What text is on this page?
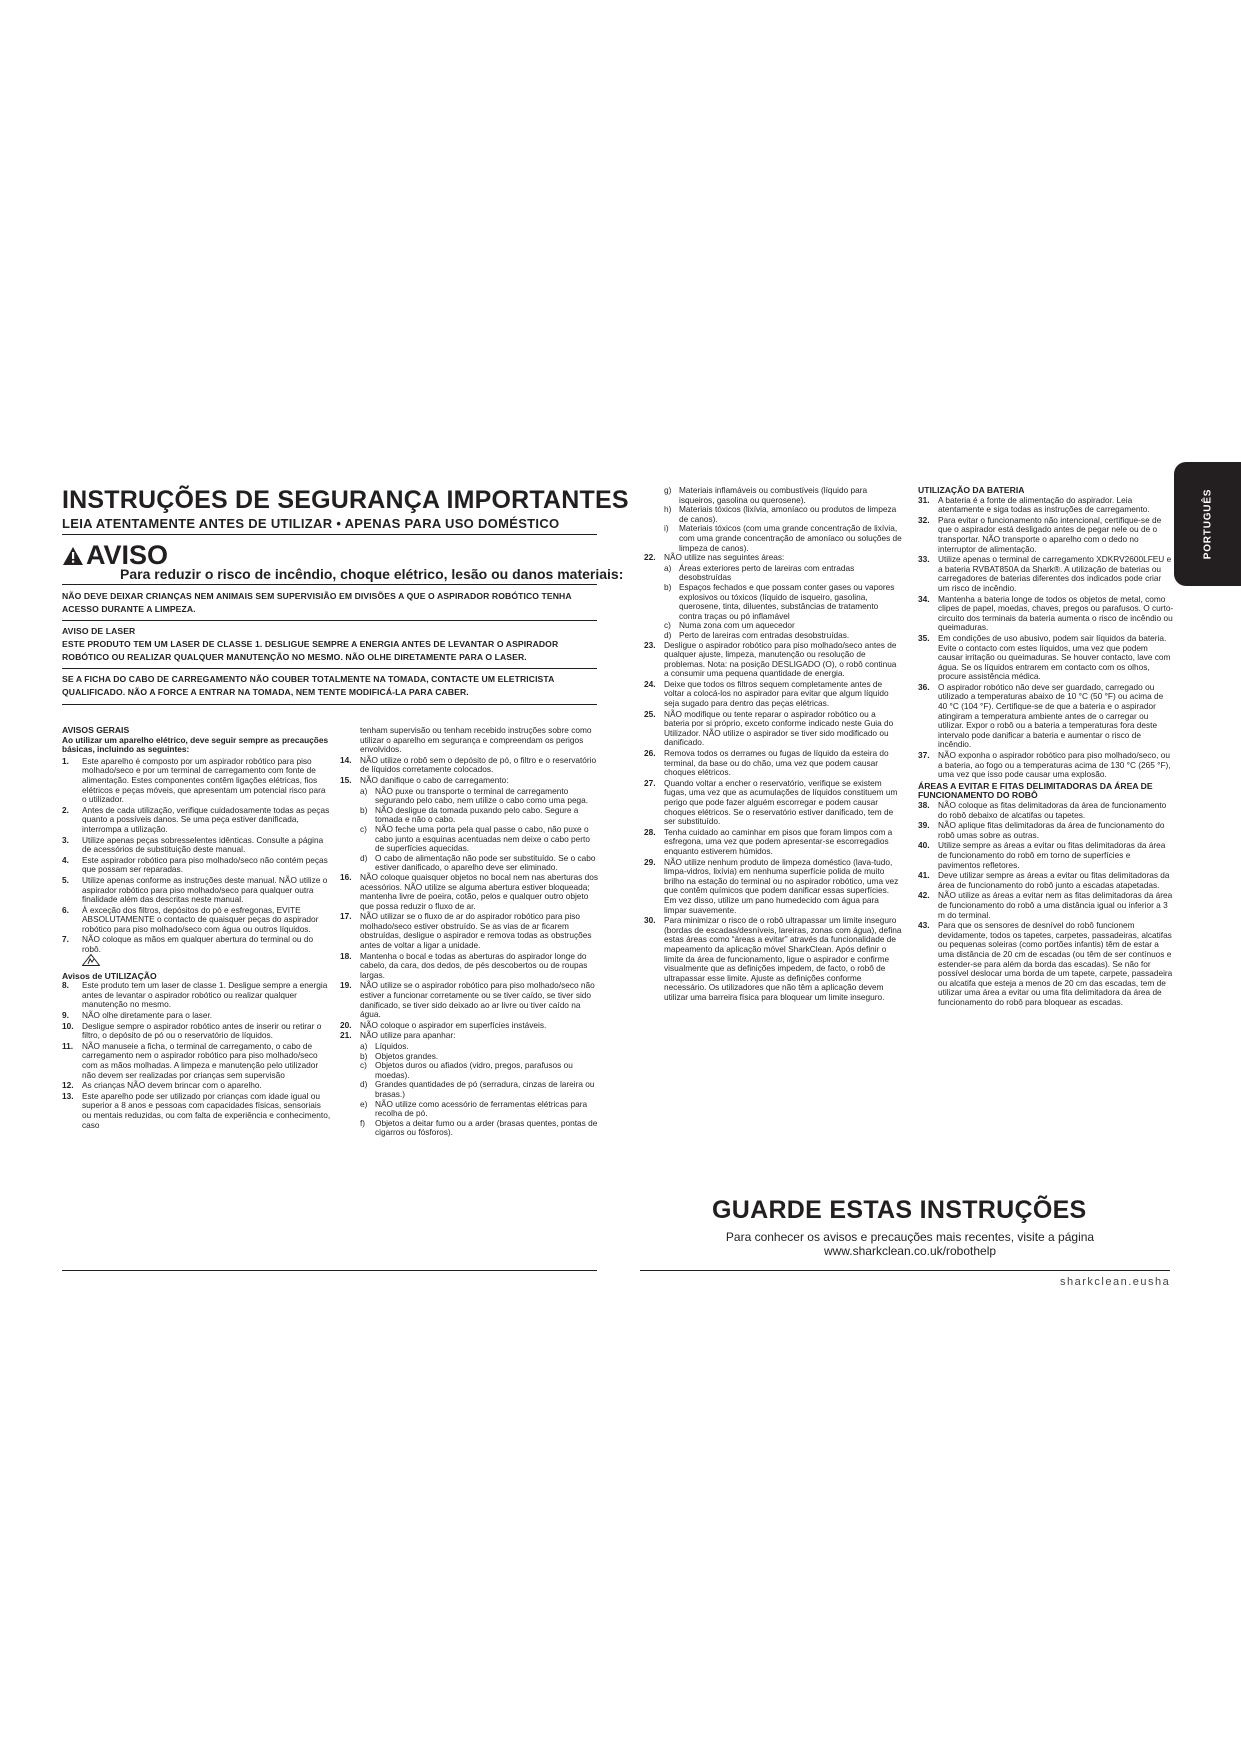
PORTUGUÊS
INSTRUÇÕES DE SEGURANÇA IMPORTANTES
LEIA ATENTAMENTE ANTES DE UTILIZAR • APENAS PARA USO DOMÉSTICO
AVISO
Para reduzir o risco de incêndio, choque elétrico, lesão ou danos materiais:
NÃO DEVE DEIXAR CRIANÇAS NEM ANIMAIS SEM SUPERVISIÃO EM DIVISÕES A QUE O ASPIRADOR ROBÓTICO TENHA ACESSO DURANTE A LIMPEZA.
AVISO DE LASER
ESTE PRODUTO TEM UM LASER DE CLASSE 1. DESLIGUE SEMPRE A ENERGIA ANTES DE LEVANTAR O ASPIRADOR ROBÓTICO OU REALIZAR QUALQUER MANUTENÇÃO NO MESMO. NÃO OLHE DIRETAMENTE PARA O LASER.
SE A FICHA DO CABO DE CARREGAMENTO NÃO COUBER TOTALMENTE NA TOMADA, CONTACTE UM ELETRICISTA QUALIFICADO. NÃO A FORCE A ENTRAR NA TOMADA, NEM TENTE MODIFICÁ-LA PARA CABER.

AVISOS GERAIS

Ao utilizar um aparelho elétrico, deve seguir sempre as precauções básicas, incluindo as seguintes:

1.	Este aparelho é composto por um aspirador robótico para piso molhado/seco e por um terminal de carregamento com fonte de alimentação. Estes componentes contêm ligações elétricas, fios elétricos e peças móveis, que apresentam um potencial risco para o utilizador.
2.	Antes de cada utilização, verifique cuidadosamente todas as peças quanto a possíveis danos. Se uma peça estiver danificada, interrompa a utilização.
3.	Utilize apenas peças sobresselentes idênticas. Consulte a página de acessórios de substituição deste manual.
4.	Este aspirador robótico para piso molhado/seco não contém peças que possam ser reparadas.
5.	Utilize apenas conforme as instruções deste manual. NÃO utilize o aspirador robótico para piso molhado/seco para qualquer outra finalidade além das descritas neste manual.
6.	À exceção dos filtros, depósitos do pó e esfregonas, EVITE ABSOLUTAMENTE o contacto de quaisquer peças do aspirador robótico para piso molhado/seco com água ou outros líquidos.
7.	NÃO coloque as mãos em qualquer abertura do terminal ou do robô.

Avisos de UTILIZAÇÃO

8.	Este produto tem um laser de classe 1. Desligue sempre a energia antes de levantar o aspirador robótico ou realizar qualquer manutenção no mesmo.
9.	NÃO olhe diretamente para o laser.
10.	Desligue sempre o aspirador robótico antes de inserir ou retirar o filtro, o depósito de pó ou o reservatório de líquidos.
11.	NÃO manuseie a ficha, o terminal de carregamento, o cabo de carregamento nem o aspirador robótico para piso molhado/seco com as mãos molhadas. A limpeza e manutenção pelo utilizador não devem ser realizadas por crianças sem supervisão
12.	As crianças NÃO devem brincar com o aparelho.
13.	Este aparelho pode ser utilizado por crianças com idade igual ou superior a 8 anos e pessoas com capacidades físicas, sensoriais ou mentais reduzidas, ou com falta de experiência e conhecimento, caso

tenham supervisão ou tenham recebido instruções sobre como utilizar o aparelho em segurança e compreendam os perigos envolvidos.

14.	NÃO utilize o robô sem o depósito de pó, o filtro e o reservatório de líquidos corretamente colocados.
15.	NÃO danifique o cabo de carregamento:
a) NÃO puxe ou transporte o terminal de carregamento segurando pelo cabo, nem utilize o cabo como uma pega.
b) NÃO desligue da tomada puxando pelo cabo. Segure a tomada e não o cabo.
c) NÃO feche uma porta pela qual passe o cabo, não puxe o cabo junto a esquinas acentuadas nem deixe o cabo perto de superfícies aquecidas.
d) O cabo de alimentação não pode ser substituído. Se o cabo estiver danificado, o aparelho deve ser eliminado.
16.	NÃO coloque quaisquer objetos no bocal nem nas aberturas dos acessórios. NÃO utilize se alguma abertura estiver bloqueada; mantenha livre de poeira, cotão, pelos e qualquer outro objeto que possa reduzir o fluxo de ar.
17.	NÃO utilizar se o fluxo de ar do aspirador robótico para piso molhado/seco estiver obstruído. Se as vias de ar ficarem obstruídas, desligue o aspirador e remova todas as obstruções antes de voltar a ligar a unidade.
18.	Mantenha o bocal e todas as aberturas do aspirador longe do cabelo, da cara, dos dedos, de pés descobertos ou de roupas largas.
19.	NÃO utilize se o aspirador robótico para piso molhado/seco não estiver a funcionar corretamente ou se tiver caído, se tiver sido danificado, se tiver sido deixado ao ar livre ou tiver caído na água.
20.	NÃO coloque o aspirador em superfícies instáveis.
21.	NÃO utilize para apanhar:
a) Líquidos.
b) Objetos grandes.
c) Objetos duros ou afiados (vidro, pregos, parafusos ou moedas).
d) Grandes quantidades de pó (serradura, cinzas de lareira ou brasas.)
e) NÃO utilize como acessório de ferramentas elétricas para recolha de pó.
f)	Objetos a deitar fumo ou a arder (brasas quentes, pontas de cigarros ou fósforos).
g) Materiais inflamáveis ou combustíveis (líquido para isqueiros, gasolina ou querosene).
h) Materiais tóxicos (lixívia, amoníaco ou produtos de limpeza de canos).
i)	Materiais tóxicos (com uma grande concentração de lixívia, com uma grande concentração de amoníaco ou soluções de limpeza de canos).
22.	NÃO utilize nas seguintes áreas:
a) Áreas exteriores perto de lareiras com entradas desobstruídas
b) Espaços fechados e que possam conter gases ou vapores explosivos ou tóxicos (líquido de isqueiro, gasolina, querosene, tinta, diluentes, substâncias de tratamento contra traças ou pó inflamável
c) Numa zona com um aquecedor
d) Perto de lareiras com entradas desobstruídas.
23.	Desligue o aspirador robótico para piso molhado/seco antes de qualquer ajuste, limpeza, manutenção ou resolução de problemas. Nota: na posição DESLIGADO (O), o robô continua a consumir uma pequena quantidade de energia.
24.	Deixe que todos os filtros sequem completamente antes de voltar a colocá-los no aspirador para evitar que algum líquido seja sugado para dentro das peças elétricas.
25.	NÃO modifique ou tente reparar o aspirador robótico ou a bateria por si próprio, exceto conforme indicado neste Guia do Utilizador. NÃO utilize o aspirador se tiver sido modificado ou danificado.
26.	Remova todos os derrames ou fugas de líquido da esteira do terminal, da base ou do chão, uma vez que podem causar choques elétricos.
27.	Quando voltar a encher o reservatório, verifique se existem fugas, uma vez que as acumulações de líquidos constituem um perigo que pode fazer alguém escorregar e podem causar choques elétricos. Se o reservatório estiver danificado, tem de ser substituído.
28.	Tenha cuidado ao caminhar em pisos que foram limpos com a esfregona, uma vez que podem apresentar-se escorregadios enquanto estiverem húmidos.
29.	NÃO utilize nenhum produto de limpeza doméstico (lava-tudo, limpa-vidros, lixívia) em nenhuma superfície polida de muito brilho na estação do terminal ou no aspirador robótico, uma vez que contêm químicos que podem danificar essas superfícies. Em vez disso, utilize um pano humedecido com água para limpar suavemente.
30.	Para minimizar o risco de o robô ultrapassar um limite inseguro (bordas de escadas/desníveis, lareiras, zonas com água), defina estas áreas como “áreas a evitar” através da funcionalidade de mapeamento da aplicação móvel SharkClean. Após definir o limite da área de funcionamento, ligue o aspirador e confirme visualmente que as definições impedem, de facto, o robô de ultrapassar esse limite. Ajuste as definições conforme necessário. Os utilizadores que não têm a aplicação devem utilizar uma barreira física para bloquear um limite inseguro.

UTILIZAÇÃO DA BATERIA

31.	A bateria é a fonte de alimentação do aspirador. Leia atentamente e siga todas as instruções de carregamento.
32.	Para evitar o funcionamento não intencional, certifique-se de que o aspirador está desligado antes de pegar nele ou de o transportar. NÃO transporte o aparelho com o dedo no interruptor de alimentação.
33.	Utilize apenas o terminal de carregamento XDKRV2600LFEU e a bateria RVBAT850A da Shark®. A utilização de baterias ou carregadores de baterias diferentes dos indicados pode criar um risco de incêndio.
34.	Mantenha a bateria longe de todos os objetos de metal, como clipes de papel, moedas, chaves, pregos ou parafusos. O curto-circuito dos terminais da bateria aumenta o risco de incêndio ou queimaduras.
35.	Em condições de uso abusivo, podem sair líquidos da bateria. Evite o contacto com estes líquidos, uma vez que podem causar irritação ou queimaduras. Se houver contacto, lave com água. Se os líquidos entrarem em contacto com os olhos, procure assistência médica.
36.	O aspirador robótico não deve ser guardado, carregado ou utilizado a temperaturas abaixo de 10 °C (50 °F) ou acima de 40 °C (104 °F). Certifique-se de que a bateria e o aspirador atingiram a temperatura ambiente antes de o carregar ou utilizar. Expor o robô ou a bateria a temperaturas fora deste intervalo pode danificar a bateria e aumentar o risco de incêndio.
37.	NÃO exponha o aspirador robótico para piso molhado/seco, ou a bateria, ao fogo ou a temperaturas acima de 130 °C (265 °F), uma vez que isso pode causar uma explosão.

ÁREAS A EVITAR E FITAS DELIMITADORAS DA ÁREA DE FUNCIONAMENTO DO ROBÔ

38.	NÃO coloque as fitas delimitadoras da área de funcionamento do robô debaixo de alcatifas ou tapetes.
39.	NÃO aplique fitas delimitadoras da área de funcionamento do robô umas sobre as outras.
40.	Utilize sempre as áreas a evitar ou fitas delimitadoras da área de funcionamento do robô em torno de superfícies e pavimentos refletores.
41.	Deve utilizar sempre as áreas a evitar ou fitas delimitadoras da área de funcionamento do robô junto a escadas atapetadas.
42.	NÃO utilize as áreas a evitar nem as fitas delimitadoras da área de funcionamento do robô a uma distância igual ou inferior a 3 m do terminal.
43.	Para que os sensores de desnível do robô funcionem devidamente, todos os tapetes, carpetes, passadeiras, alcatifas ou pequenas soleiras (como portões infantis) têm de estar a uma distância de 20 cm de escadas (ou têm de ser contínuos e estender-se para além da borda das escadas). Se não for possível deslocar uma borda de um tapete, carpete, passadeira ou alcatifa que esteja a menos de 20 cm das escadas, tem de utilizar uma área a evitar ou uma fita delimitadora da área de funcionamento do robô para bloquear as escadas.
GUARDE ESTAS INSTRUÇÕES
Para conhecer os avisos e precauções mais recentes, visite a página www.sharkclean.co.uk/robothelp
sharkclean.eusha
